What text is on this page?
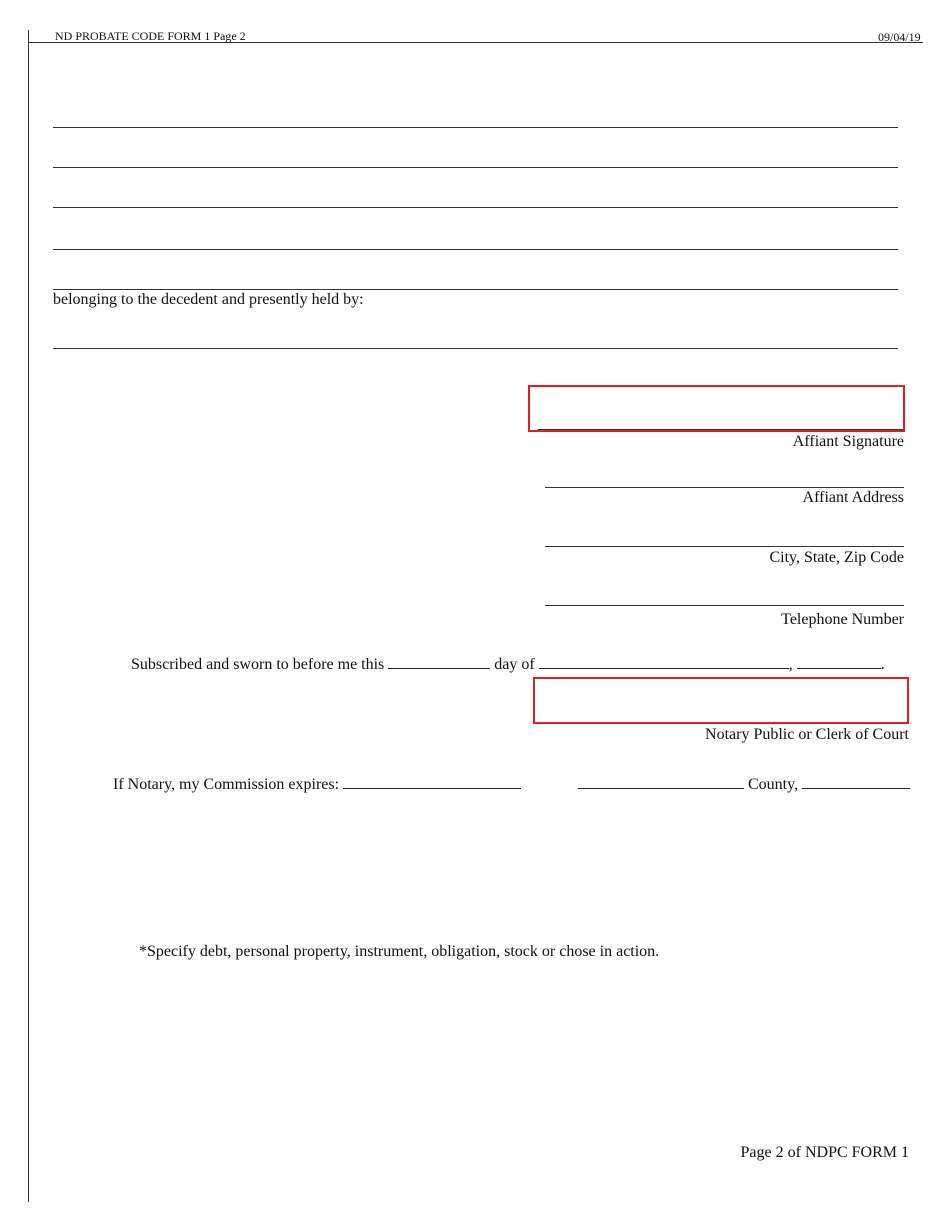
ND PROBATE CODE FORM 1 Page 2	09/04/19
belonging to the decedent and presently held by:
Affiant Signature
Affiant Address
City, State, Zip Code
Telephone Number
Subscribed and sworn to before me this	day of	,	.
Notary Public or Clerk of Court
If Notary, my Commission expires:	County,
*Specify debt, personal property, instrument, obligation, stock or chose in action.
Page 2 of NDPC FORM 1
